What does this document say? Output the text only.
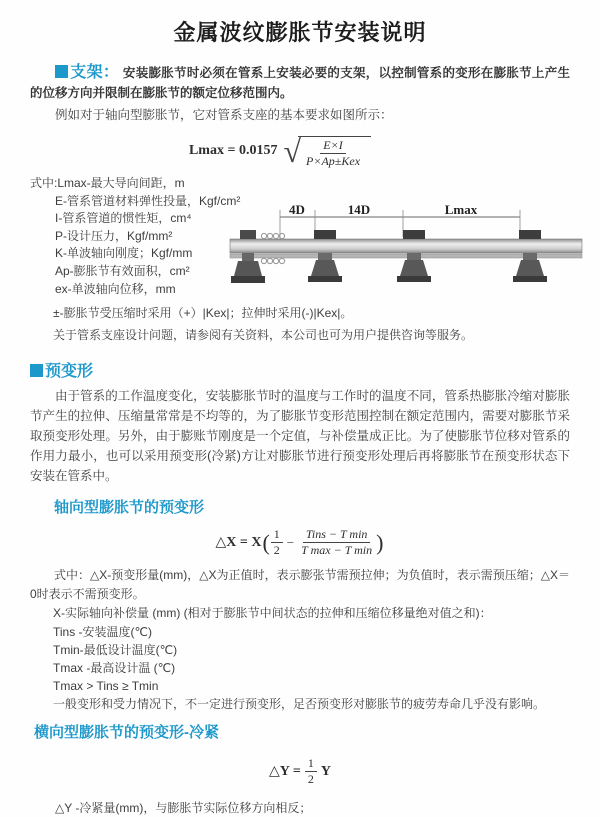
金属波纹膨胀节安装说明

支架： 安装膨胀节时必须在管系上安装必要的支架，以控制管系的变形在膨胀节上产生的位移方向并限制在膨胀节的额定位移范围内。

例如对于轴向型膨胀节，它对管系支座的基本要求如图所示：

Lmax = 0.0157 √ $\frac{E\times I}{\text{P×Ap±Kex}}$
式中:Lmax-最大导向间距，m
E-管系管道材料弹性投量，Kgf/cm²
I-管系管道的惯性矩，cm⁴
P-设计压力，Kgf/mm²
K-单波轴向刚度；Kgf/mm
Ap-膨胀节有效面积，cm²
ex-单波轴向位移，mm
4D	14D	Lmax
±-膨胀节受压缩时采用（+）|Kex|；拉伸时采用(-)|Kex|。
关于管系支座设计问题，请参阅有关资料，本公司也可为用户提供咨询等服务。
预变形

由于管系的工作温度变化，安装膨胀节时的温度与工作时的温度不同，管系热膨胀冷缩对膨胀节产生的拉伸、压缩量常常是不均等的，为了膨胀节变形范围控制在额定范围内，需要对膨胀节采取预变形处理。另外，由于膨账节刚度是一个定值，与补偿量成正比。为了使膨胀节位移对管系的作用力最小，也可以采用预变形(冷紧)方让对膨胀节进行预变形处理后再将膨胀节在预变形状态下安装在管系中。

轴向型膨胀节的预变形
△X = X ( $\frac{1}{2} - \frac{\text{Tins − T min}}{\text{T max − T min}}$ )

式中：△X-预变形量(mm)，△X为正值时，表示膨张节需预拉伸；为负值时，表示需预压缩；△X＝0时表示不需预变形。

X-实际轴向补偿量 (mm) (相对于膨胀节中间状态的拉伸和压缩位移量绝对值之和)：
Tins -安装温度(℃)
Tmin-最低设计温度(℃)
Tmax -最高设计温 (℃)
Tmax > Tins ≥ Tmin
一般变形和受力情况下，不一定进行预变形，足否预变形对膨胀节的疲劳寿命几乎没有影响。
横向型膨胀节的预变形-冷紧
△Y = $\frac{1}{2}$ Y
△Y -冷紧量(mm)，与膨胀节实际位移方向相反；
